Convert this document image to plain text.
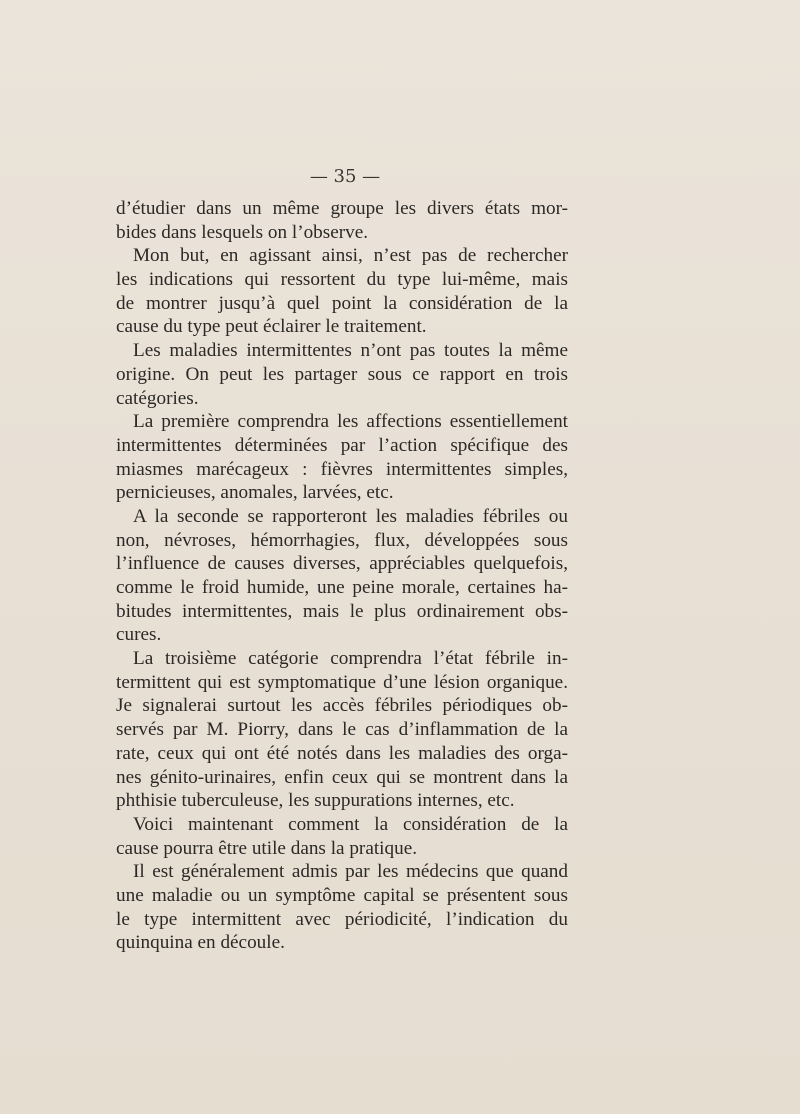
— 35 —
d’étudier dans un même groupe les divers états mor-
bides dans lesquels on l’observe.
Mon but, en agissant ainsi, n’est pas de rechercher
les indications qui ressortent du type lui-même, mais
de montrer jusqu’à quel point la considération de la
cause du type peut éclairer le traitement.
Les maladies intermittentes n’ont pas toutes la même
origine. On peut les partager sous ce rapport en trois
catégories.
La première comprendra les affections essentiellement
intermittentes déterminées par l’action spécifique des
miasmes marécageux : fièvres intermittentes simples,
pernicieuses, anomales, larvées, etc.
A la seconde se rapporteront les maladies fébriles ou
non, névroses, hémorrhagies, flux, développées sous
l’influence de causes diverses, appréciables quelquefois,
comme le froid humide, une peine morale, certaines ha-
bitudes intermittentes, mais le plus ordinairement obs-
cures.
La troisième catégorie comprendra l’état fébrile in-
termittent qui est symptomatique d’une lésion organique.
Je signalerai surtout les accès fébriles périodiques ob-
servés par M. Piorry, dans le cas d’inflammation de la
rate, ceux qui ont été notés dans les maladies des orga-
nes génito-urinaires, enfin ceux qui se montrent dans la
phthisie tuberculeuse, les suppurations internes, etc.
Voici maintenant comment la considération de la
cause pourra être utile dans la pratique.
Il est généralement admis par les médecins que quand
une maladie ou un symptôme capital se présentent sous
le type intermittent avec périodicité, l’indication du
quinquina en découle.
